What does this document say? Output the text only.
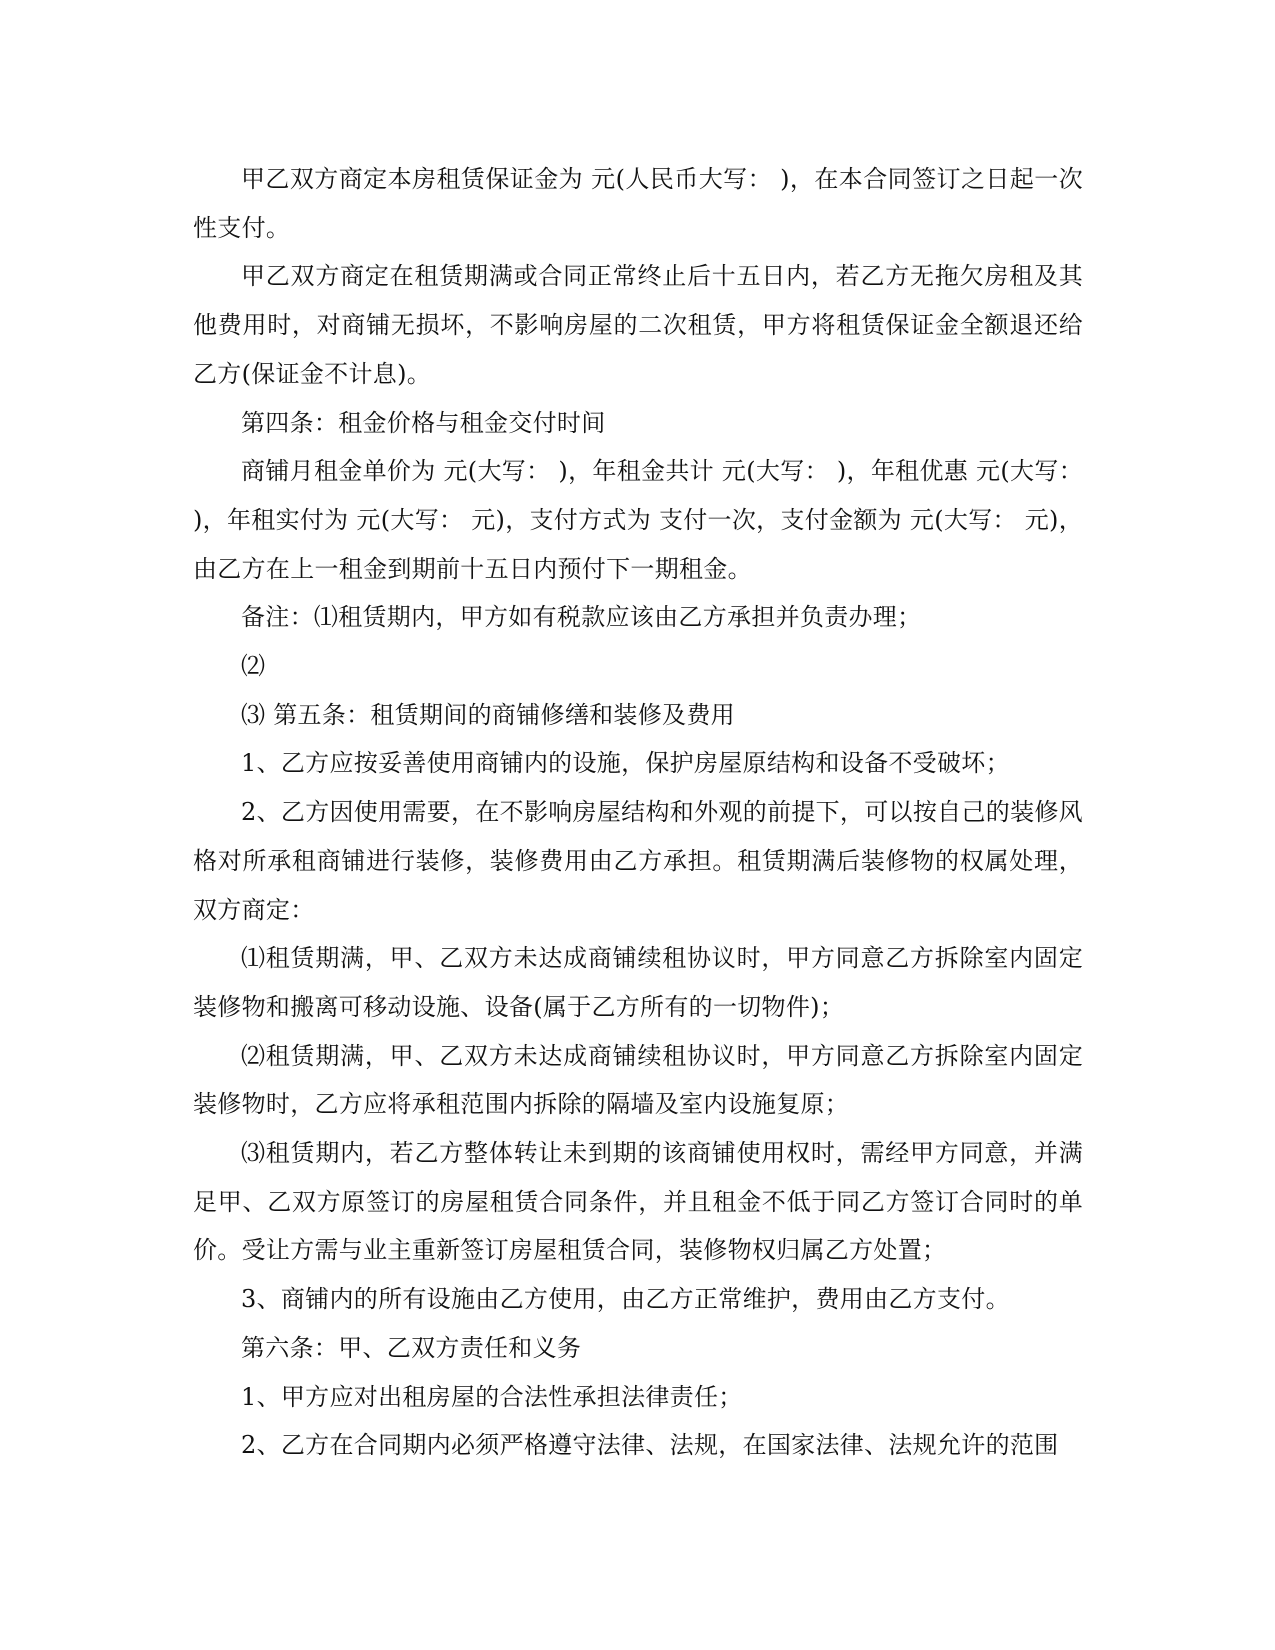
甲乙双方商定本房租赁保证金为 元(人民币大写： )，在本合同签订之日起一次性支付。

甲乙双方商定在租赁期满或合同正常终止后十五日内，若乙方无拖欠房租及其他费用时，对商铺无损坏，不影响房屋的二次租赁，甲方将租赁保证金全额退还给乙方(保证金不计息)。

第四条：租金价格与租金交付时间

商铺月租金单价为 元(大写： )，年租金共计 元(大写： )，年租优惠 元(大写： )，年租实付为 元(大写： 元)，支付方式为 支付一次，支付金额为 元(大写： 元)，由乙方在上一租金到期前十五日内预付下一期租金。

备注：⑴租赁期内，甲方如有税款应该由乙方承担并负责办理；

⑵

⑶ 第五条：租赁期间的商铺修缮和装修及费用

1、乙方应按妥善使用商铺内的设施，保护房屋原结构和设备不受破坏；

2、乙方因使用需要，在不影响房屋结构和外观的前提下，可以按自己的装修风格对所承租商铺进行装修，装修费用由乙方承担。租赁期满后装修物的权属处理，双方商定：

⑴租赁期满，甲、乙双方未达成商铺续租协议时，甲方同意乙方拆除室内固定装修物和搬离可移动设施、设备(属于乙方所有的一切物件)；

⑵租赁期满，甲、乙双方未达成商铺续租协议时，甲方同意乙方拆除室内固定装修物时，乙方应将承租范围内拆除的隔墙及室内设施复原；

⑶租赁期内，若乙方整体转让未到期的该商铺使用权时，需经甲方同意，并满足甲、乙双方原签订的房屋租赁合同条件，并且租金不低于同乙方签订合同时的单价。受让方需与业主重新签订房屋租赁合同，装修物权归属乙方处置；

3、商铺内的所有设施由乙方使用，由乙方正常维护，费用由乙方支付。

第六条：甲、乙双方责任和义务

1、甲方应对出租房屋的合法性承担法律责任；

2、乙方在合同期内必须严格遵守法律、法规，在国家法律、法规允许的范围
